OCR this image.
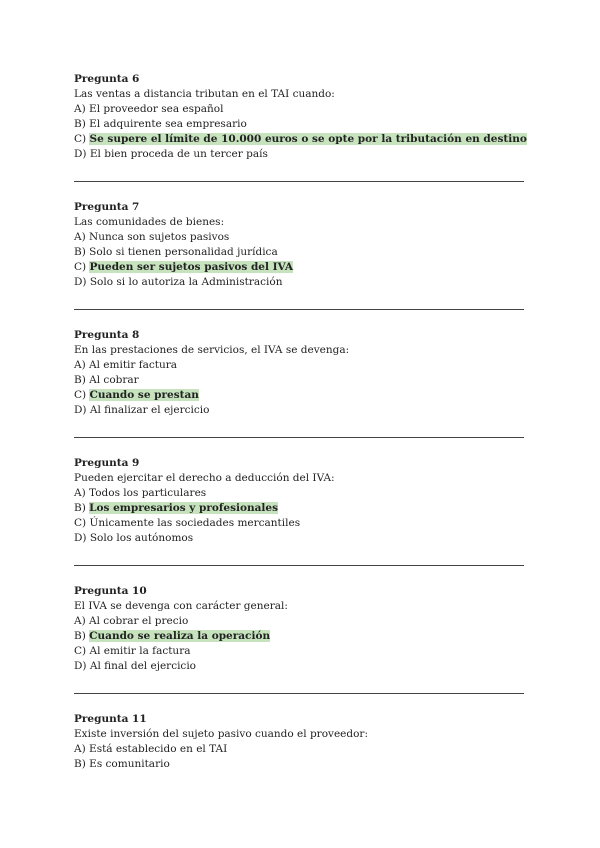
Pregunta 6

Las ventas a distancia tributan en el TAI cuando:

A) El proveedor sea español

B) El adquirente sea empresario

C) Se supere el límite de 10.000 euros o se opte por la tributación en destino

D) El bien proceda de un tercer país

Pregunta 7

Las comunidades de bienes:

A) Nunca son sujetos pasivos

B) Solo si tienen personalidad jurídica

C) Pueden ser sujetos pasivos del IVA

D) Solo si lo autoriza la Administración

Pregunta 8

En las prestaciones de servicios, el IVA se devenga:

A) Al emitir factura

B) Al cobrar

C) Cuando se prestan

D) Al finalizar el ejercicio

Pregunta 9

Pueden ejercitar el derecho a deducción del IVA:

A) Todos los particulares

B) Los empresarios y profesionales

C) Únicamente las sociedades mercantiles

D) Solo los autónomos

Pregunta 10

El IVA se devenga con carácter general:

A) Al cobrar el precio

B) Cuando se realiza la operación

C) Al emitir la factura

D) Al final del ejercicio

Pregunta 11

Existe inversión del sujeto pasivo cuando el proveedor:

A) Está establecido en el TAI

B) Es comunitario
